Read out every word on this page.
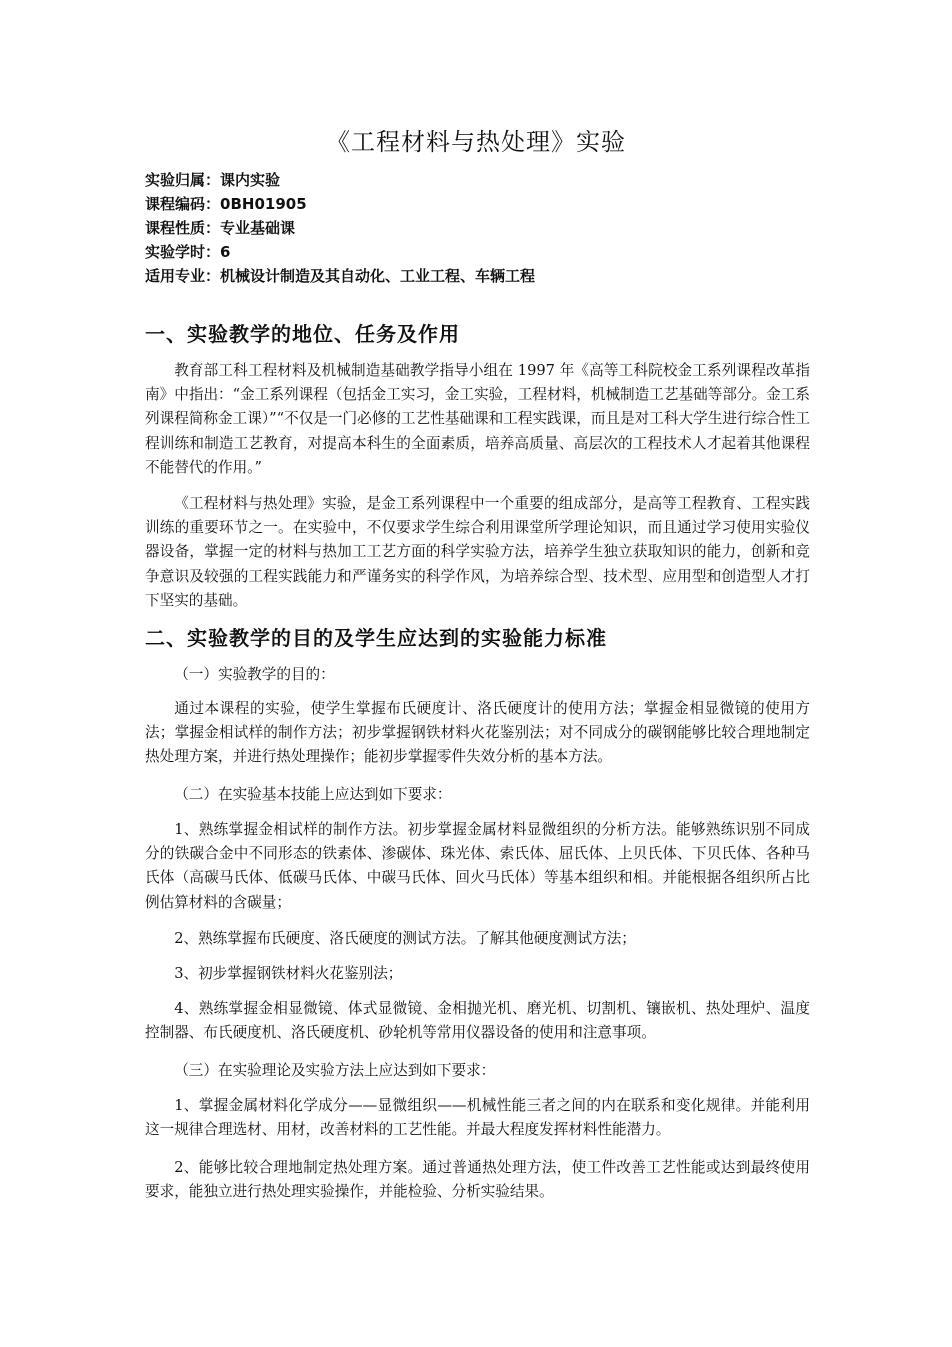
《工程材料与热处理》实验
实验归属：课内实验
课程编码：0BH01905
课程性质：专业基础课
实验学时：6
适用专业：机械设计制造及其自动化、工业工程、车辆工程
一、实验教学的地位、任务及作用

教育部工科工程材料及机械制造基础教学指导小组在 1997 年《高等工科院校金工系列课程改革指南》中指出：“金工系列课程（包括金工实习，金工实验，工程材料，机械制造工艺基础等部分。金工系列课程简称金工课）”“不仅是一门必修的工艺性基础课和工程实践课，而且是对工科大学生进行综合性工程训练和制造工艺教育，对提高本科生的全面素质，培养高质量、高层次的工程技术人才起着其他课程不能替代的作用。”

《工程材料与热处理》实验，是金工系列课程中一个重要的组成部分，是高等工程教育、工程实践训练的重要环节之一。在实验中，不仅要求学生综合利用课堂所学理论知识，而且通过学习使用实验仪器设备，掌握一定的材料与热加工工艺方面的科学实验方法，培养学生独立获取知识的能力，创新和竞争意识及较强的工程实践能力和严谨务实的科学作风，为培养综合型、技术型、应用型和创造型人才打下坚实的基础。

二、实验教学的目的及学生应达到的实验能力标准

（一）实验教学的目的：

通过本课程的实验，使学生掌握布氏硬度计、洛氏硬度计的使用方法；掌握金相显微镜的使用方法；掌握金相试样的制作方法；初步掌握钢铁材料火花鉴别法；对不同成分的碳钢能够比较合理地制定热处理方案，并进行热处理操作；能初步掌握零件失效分析的基本方法。

（二）在实验基本技能上应达到如下要求：

1、熟练掌握金相试样的制作方法。初步掌握金属材料显微组织的分析方法。能够熟练识别不同成分的铁碳合金中不同形态的铁素体、渗碳体、珠光体、索氏体、屈氏体、上贝氏体、下贝氏体、各种马氏体（高碳马氏体、低碳马氏体、中碳马氏体、回火马氏体）等基本组织和相。并能根据各组织所占比例估算材料的含碳量；

2、熟练掌握布氏硬度、洛氏硬度的测试方法。了解其他硬度测试方法；

3、初步掌握钢铁材料火花鉴别法；

4、熟练掌握金相显微镜、体式显微镜、金相抛光机、磨光机、切割机、镶嵌机、热处理炉、温度控制器、布氏硬度机、洛氏硬度机、砂轮机等常用仪器设备的使用和注意事项。

（三）在实验理论及实验方法上应达到如下要求：

1、掌握金属材料化学成分——显微组织——机械性能三者之间的内在联系和变化规律。并能利用这一规律合理选材、用材，改善材料的工艺性能。并最大程度发挥材料性能潜力。

2、能够比较合理地制定热处理方案。通过普通热处理方法，使工件改善工艺性能或达到最终使用要求，能独立进行热处理实验操作，并能检验、分析实验结果。
